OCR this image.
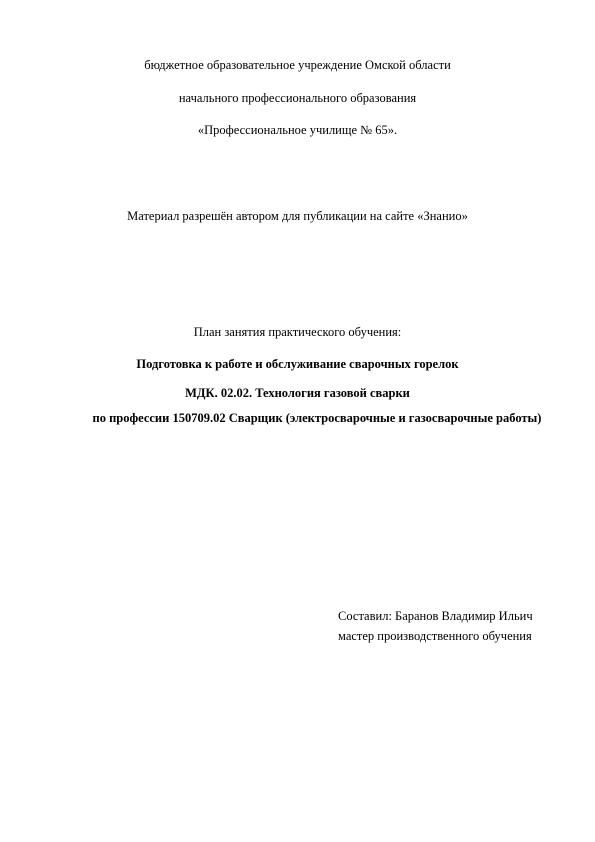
бюджетное образовательное учреждение Омской области
начального профессионального образования
«Профессиональное училище № 65».
Материал разрешён автором для публикации на сайте «Знанио»
План занятия практического обучения:
Подготовка к работе и обслуживание сварочных горелок
МДК. 02.02. Технология газовой сварки
по профессии 150709.02 Сварщик (электросварочные и газосварочные работы)
Составил: Баранов Владимир Ильич
мастер производственного обучения
